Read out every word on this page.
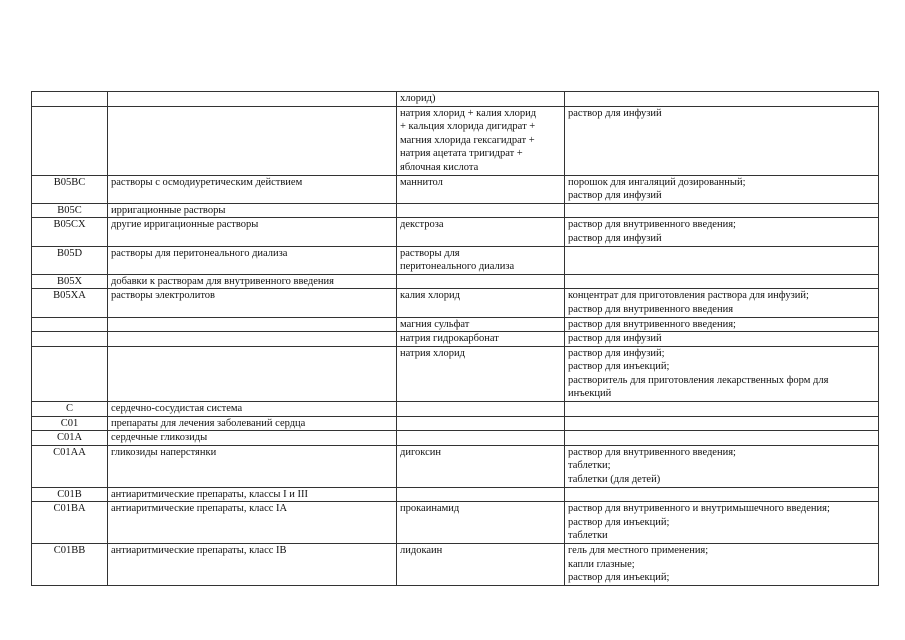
		хлорид)	

		натрия хлорид + калия хлорид
+ кальция хлорида дигидрат +
магния хлорида гексагидрат +
натрия ацетата тригидрат +
яблочная кислота	раствор для инфузий

B05BC	растворы с осмодиуретическим действием	маннитол	порошок для ингаляций дозированный;
раствор для инфузий

B05C	ирригационные растворы		

B05CX	другие ирригационные растворы	декстроза	раствор для внутривенного введения;
раствор для инфузий

B05D	растворы для перитонеального диализа	растворы для
перитонеального диализа	

B05X	добавки к растворам для внутривенного введения		

B05XA	растворы электролитов	калия хлорид	концентрат для приготовления раствора для инфузий;
раствор для внутривенного введения

		магния сульфат	раствор для внутривенного введения;

		натрия гидрокарбонат	раствор для инфузий

		натрия хлорид	раствор для инфузий;
раствор для инъекций;
растворитель для приготовления лекарственных форм для
инъекций

C	сердечно-сосудистая система		

C01	препараты для лечения заболеваний сердца		

C01A	сердечные гликозиды		

C01AA	гликозиды наперстянки	дигоксин	раствор для внутривенного введения;
таблетки;
таблетки (для детей)

C01B	антиаритмические препараты, классы I и III		

C01BA	антиаритмические препараты, класс IA	прокаинамид	раствор для внутривенного и внутримышечного введения;
раствор для инъекций;
таблетки

C01BB	антиаритмические препараты, класс IB	лидокаин	гель для местного применения;
капли глазные;
раствор для инъекций;
